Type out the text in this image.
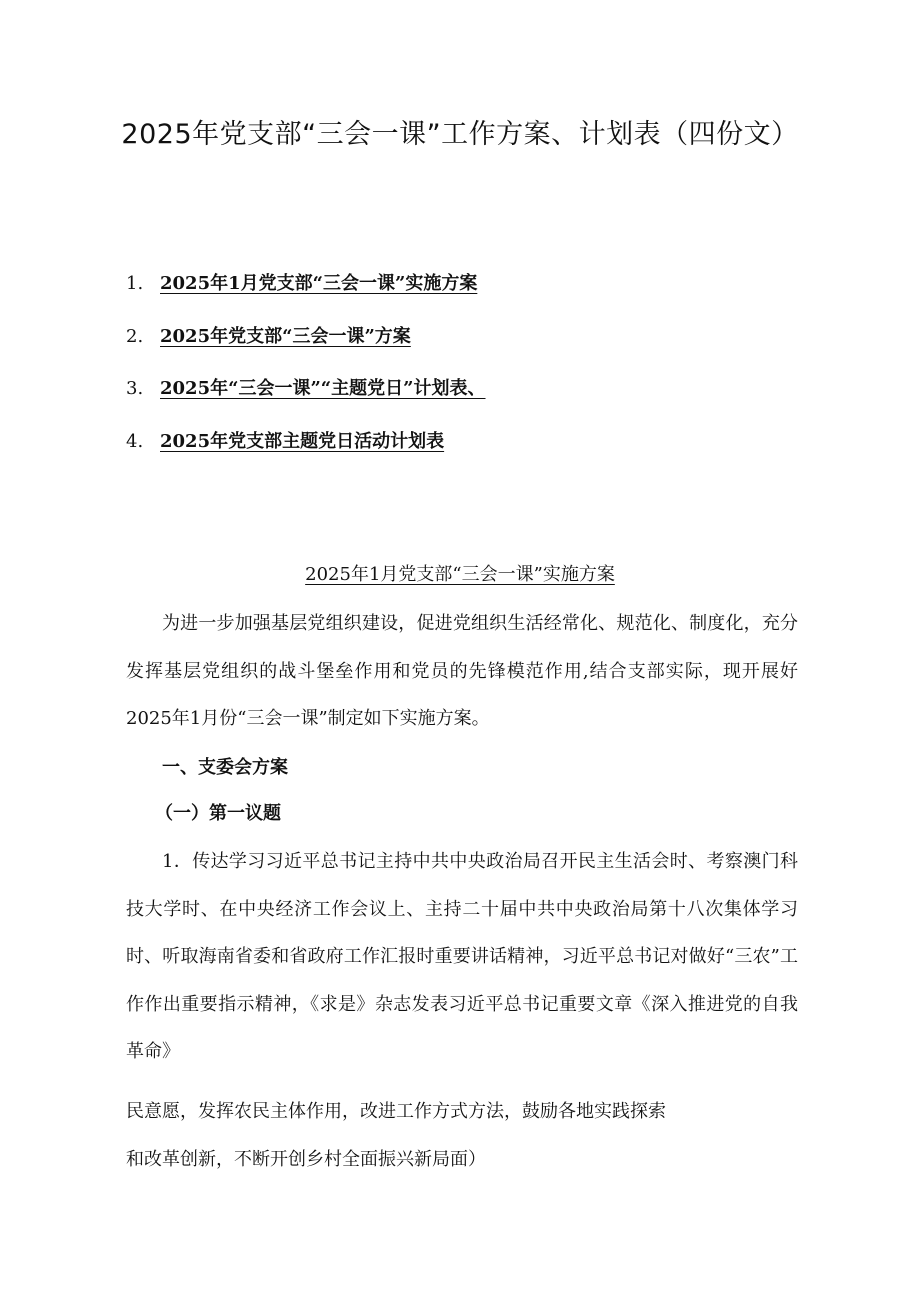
2025年党支部“三会一课”工作方案、计划表（四份文）
1. 2025年1月党支部“三会一课”实施方案
2. 2025年党支部“三会一课”方案
3. 2025年“三会一课”“主题党日”计划表、
4. 2025年党支部主题党日活动计划表
2025年1月党支部“三会一课”实施方案

为进一步加强基层党组织建设，促进党组织生活经常化、规范化、制度化，充分发挥基层党组织的战斗堡垒作用和党员的先锋模范作用,结合支部实际，现开展好2025年1月份“三会一课”制定如下实施方案。

一、支委会方案

（一）第一议题

1．传达学习习近平总书记主持中共中央政治局召开民主生活会时、考察澳门科技大学时、在中央经济工作会议上、主持二十届中共中央政治局第十八次集体学习时、听取海南省委和省政府工作汇报时重要讲话精神，习近平总书记对做好“三农”工作作出重要指示精神，《求是》杂志发表习近平总书记重要文章《深入推进党的自我革命》

民意愿，发挥农民主体作用，改进工作方式方法，鼓励各地实践探索

和改革创新，不断开创乡村全面振兴新局面）
